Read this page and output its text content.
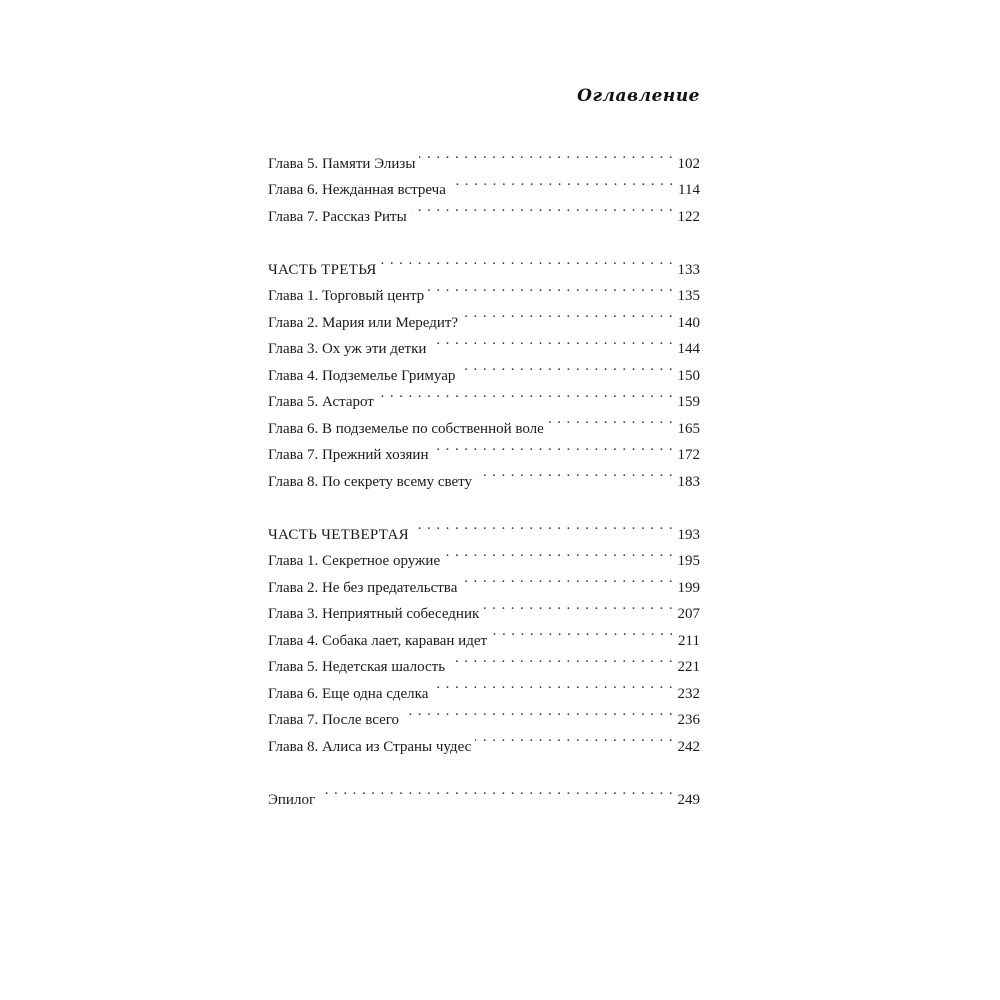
Оглавление
Глава 5. Памяти Элизы . . .	102
Глава 6. Нежданная встреча . . .	114
Глава 7. Рассказ Риты . . .	122
ЧАСТЬ ТРЕТЬЯ . . .	133
Глава 1. Торговый центр . . .	135
Глава 2. Мария или Мередит? . . .	140
Глава 3. Ох уж эти детки . . .	144
Глава 4. Подземелье Гримуар . . .	150
Глава 5. Астарот . . .	159
Глава 6. В подземелье по собственной воле . . .	165
Глава 7. Прежний хозяин . . .	172
Глава 8. По секрету всему свету . . .	183
ЧАСТЬ ЧЕТВЕРТАЯ . . .	193
Глава 1. Секретное оружие . . .	195
Глава 2. Не без предательства . . .	199
Глава 3. Неприятный собеседник . . .	207
Глава 4. Собака лает, караван идет . . .	211
Глава 5. Недетская шалость . . .	221
Глава 6. Еще одна сделка . . .	232
Глава 7. После всего . . .	236
Глава 8. Алиса из Страны чудес . . .	242
Эпилог . . .	249
